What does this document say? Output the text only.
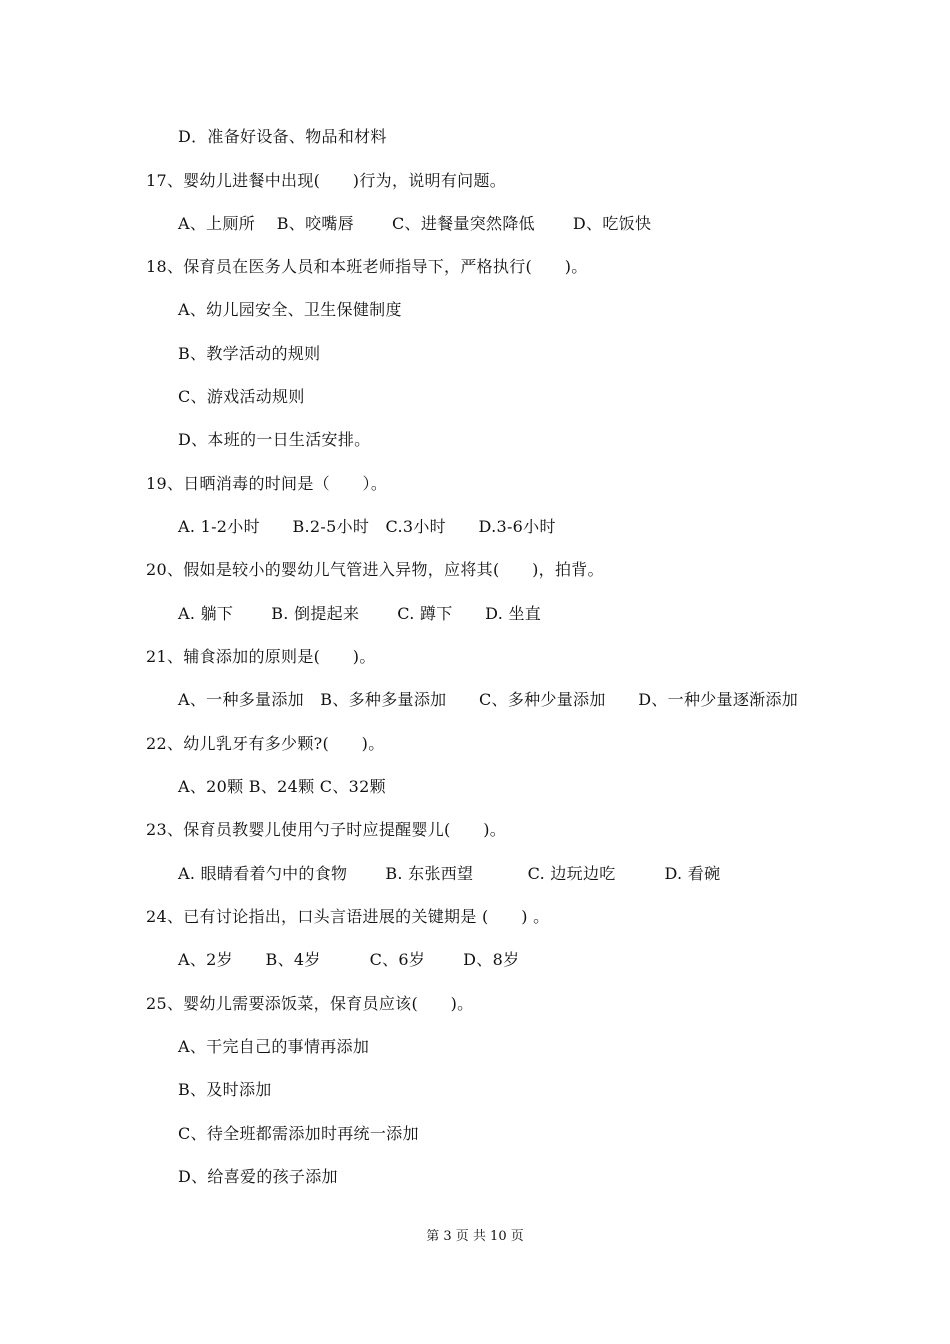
D．准备好设备、物品和材料
17、婴幼儿进餐中出现(　　)行为，说明有问题。
A、上厕所　 B、咬嘴唇　　 C、进餐量突然降低　　 D、吃饭快
18、保育员在医务人员和本班老师指导下，严格执行(　　)。
A、幼儿园安全、卫生保健制度
B、教学活动的规则
C、游戏活动规则
D、本班的一日生活安排。
19、日晒消毒的时间是（　　）。
A. 1-2小时　　B.2-5小时　C.3小时　　D.3-6小时
20、假如是较小的婴幼儿气管进入异物，应将其(　　)，拍背。
A. 躺下　　 B. 倒提起来　　 C. 蹲下　　D. 坐直
21、辅食添加的原则是(　　)。
A、一种多量添加　B、多种多量添加　　C、多种少量添加　　D、一种少量逐渐添加
22、幼儿乳牙有多少颗?(　　)。
A、20颗 B、24颗 C、32颗
23、保育员教婴儿使用勺子时应提醒婴儿(　　)。
A. 眼睛看着勺中的食物　　 B. 东张西望　　　 C. 边玩边吃　　　D. 看碗
24、已有讨论指出，口头言语进展的关键期是 (　　) 。
A、2岁　　B、4岁　　　C、6岁　　 D、8岁
25、婴幼儿需要添饭菜，保育员应该(　　)。
A、干完自己的事情再添加
B、及时添加
C、待全班都需添加时再统一添加
D、给喜爱的孩子添加
第 3 页 共 10 页
